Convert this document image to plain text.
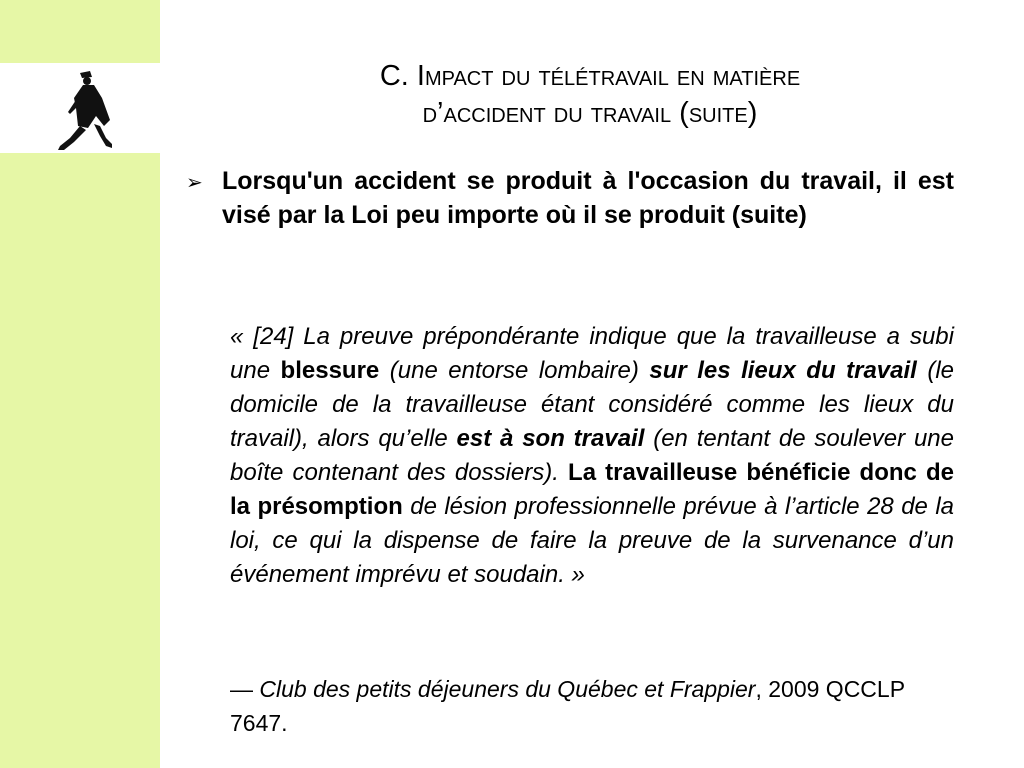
C. Impact du télétravail en matière
d’accident du travail (suite)
➢ Lorsqu'un accident se produit à l'occasion du travail, il est visé par la Loi peu importe où il se produit (suite)
« [24] La preuve prépondérante indique que la travailleuse a subi une blessure (une entorse lombaire) sur les lieux du travail (le domicile de la travailleuse étant considéré comme les lieux du travail), alors qu’elle est à son travail (en tentant de soulever une boîte contenant des dossiers). La travailleuse bénéficie donc de la présomption de lésion professionnelle prévue à l’article 28 de la loi, ce qui la dispense de faire la preuve de la survenance d’un événement imprévu et soudain. »
— Club des petits déjeuners du Québec et Frappier, 2009 QCCLP 7647.
